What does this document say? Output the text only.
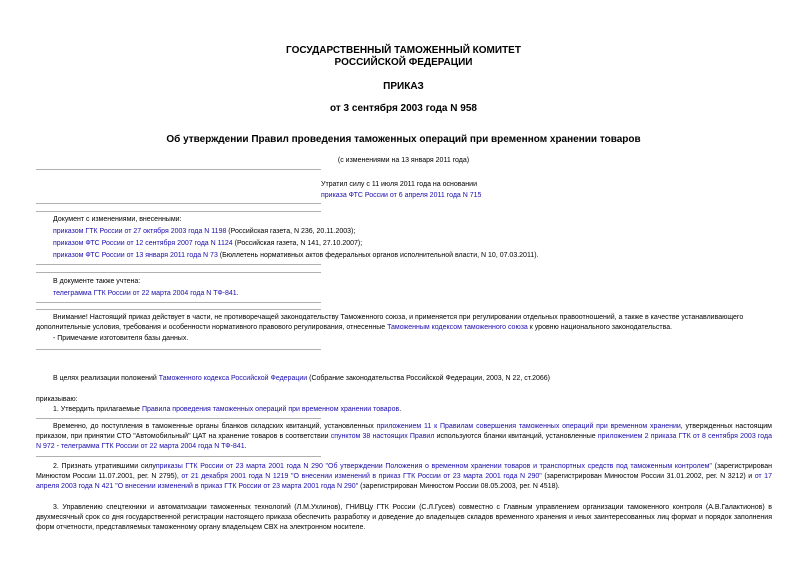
ГОСУДАРСТВЕННЫЙ ТАМОЖЕННЫЙ КОМИТЕТ
РОССИЙСКОЙ ФЕДЕРАЦИИ
ПРИКАЗ
от 3 сентября 2003 года N 958
Об утверждении Правил проведения таможенных операций при временном хранении товаров
(с изменениями на 13 января 2011 года)
Утратил силу с 11 июля 2011 года на основании
приказа ФТС России от 6 апреля 2011 года N 715
Документ с изменениями, внесенными:
приказом ГТК России от 27 октября 2003 года N 1198 (Российская газета, N 236, 20.11.2003);
приказом ФТС России от 12 сентября 2007 года N 1124 (Российская газета, N 141, 27.10.2007);
приказом ФТС России от 13 января 2011 года N 73 (Бюллетень нормативных актов федеральных органов исполнительной власти, N 10, 07.03.2011).
В документе также учтена:
телеграмма ГТК России от 22 марта 2004 года N ТФ-841.
Внимание! Настоящий приказ действует в части, не противоречащей законодательству Таможенного союза, и применяется при регулировании отдельных правоотношений, а также в качестве устанавливающего дополнительные условия, требования и особенности нормативного правового регулирования, отнесенные Таможенным кодексом таможенного союза к уровню национального законодательства.
- Примечание изготовителя базы данных.
В целях реализации положений Таможенного кодекса Российской Федерации (Собрание законодательства Российской Федерации, 2003, N 22, ст.2066)
приказываю:
1. Утвердить прилагаемые Правила проведения таможенных операций при временном хранении товаров.
Временно, до поступления в таможенные органы бланков складских квитанций, установленных приложением 11 к Правилам совершения таможенных операций при временном хранении, утвержденных настоящим приказом, при принятии СТО "Автомобильный" ЦАТ на хранение товаров в соответствии спунктом 38 настоящих Правил используются бланки квитанций, установленные приложением 2 приказа ГТК от 8 сентября 2003 года N 972 - телеграмма ГТК России от 22 марта 2004 года N ТФ-841.
2. Признать утратившими силуприказы ГТК России от 23 марта 2001 года N 290 "Об утверждении Положения о временном хранении товаров и транспортных средств под таможенным контролем" (зарегистрирован Минюстом России 11.07.2001, рег. N 2795), от 21 декабря 2001 года N 1219 "О внесении изменений в приказ ГТК России от 23 марта 2001 года N 290" (зарегистрирован Минюстом России 31.01.2002, рег. N 3212) и от 17 апреля 2003 года N 421 "О внесении изменений в приказ ГТК России от 23 марта 2001 года N 290" (зарегистрирован Минюстом России 08.05.2003, рег. N 4518).
3. Управлению спецтехники и автоматизации таможенных технологий (Л.М.Ухлинов), ГНИВЦу ГТК России (С.Л.Гусев) совместно с Главным управлением организации таможенного контроля (А.В.Галактионов) в двухмесячный срок со дня государственной регистрации настоящего приказа обеспечить разработку и доведение до владельцев складов временного хранения и иных заинтересованных лиц формат и порядок заполнения форм отчетности, представляемых таможенному органу владельцем СВХ на электронном носителе.
